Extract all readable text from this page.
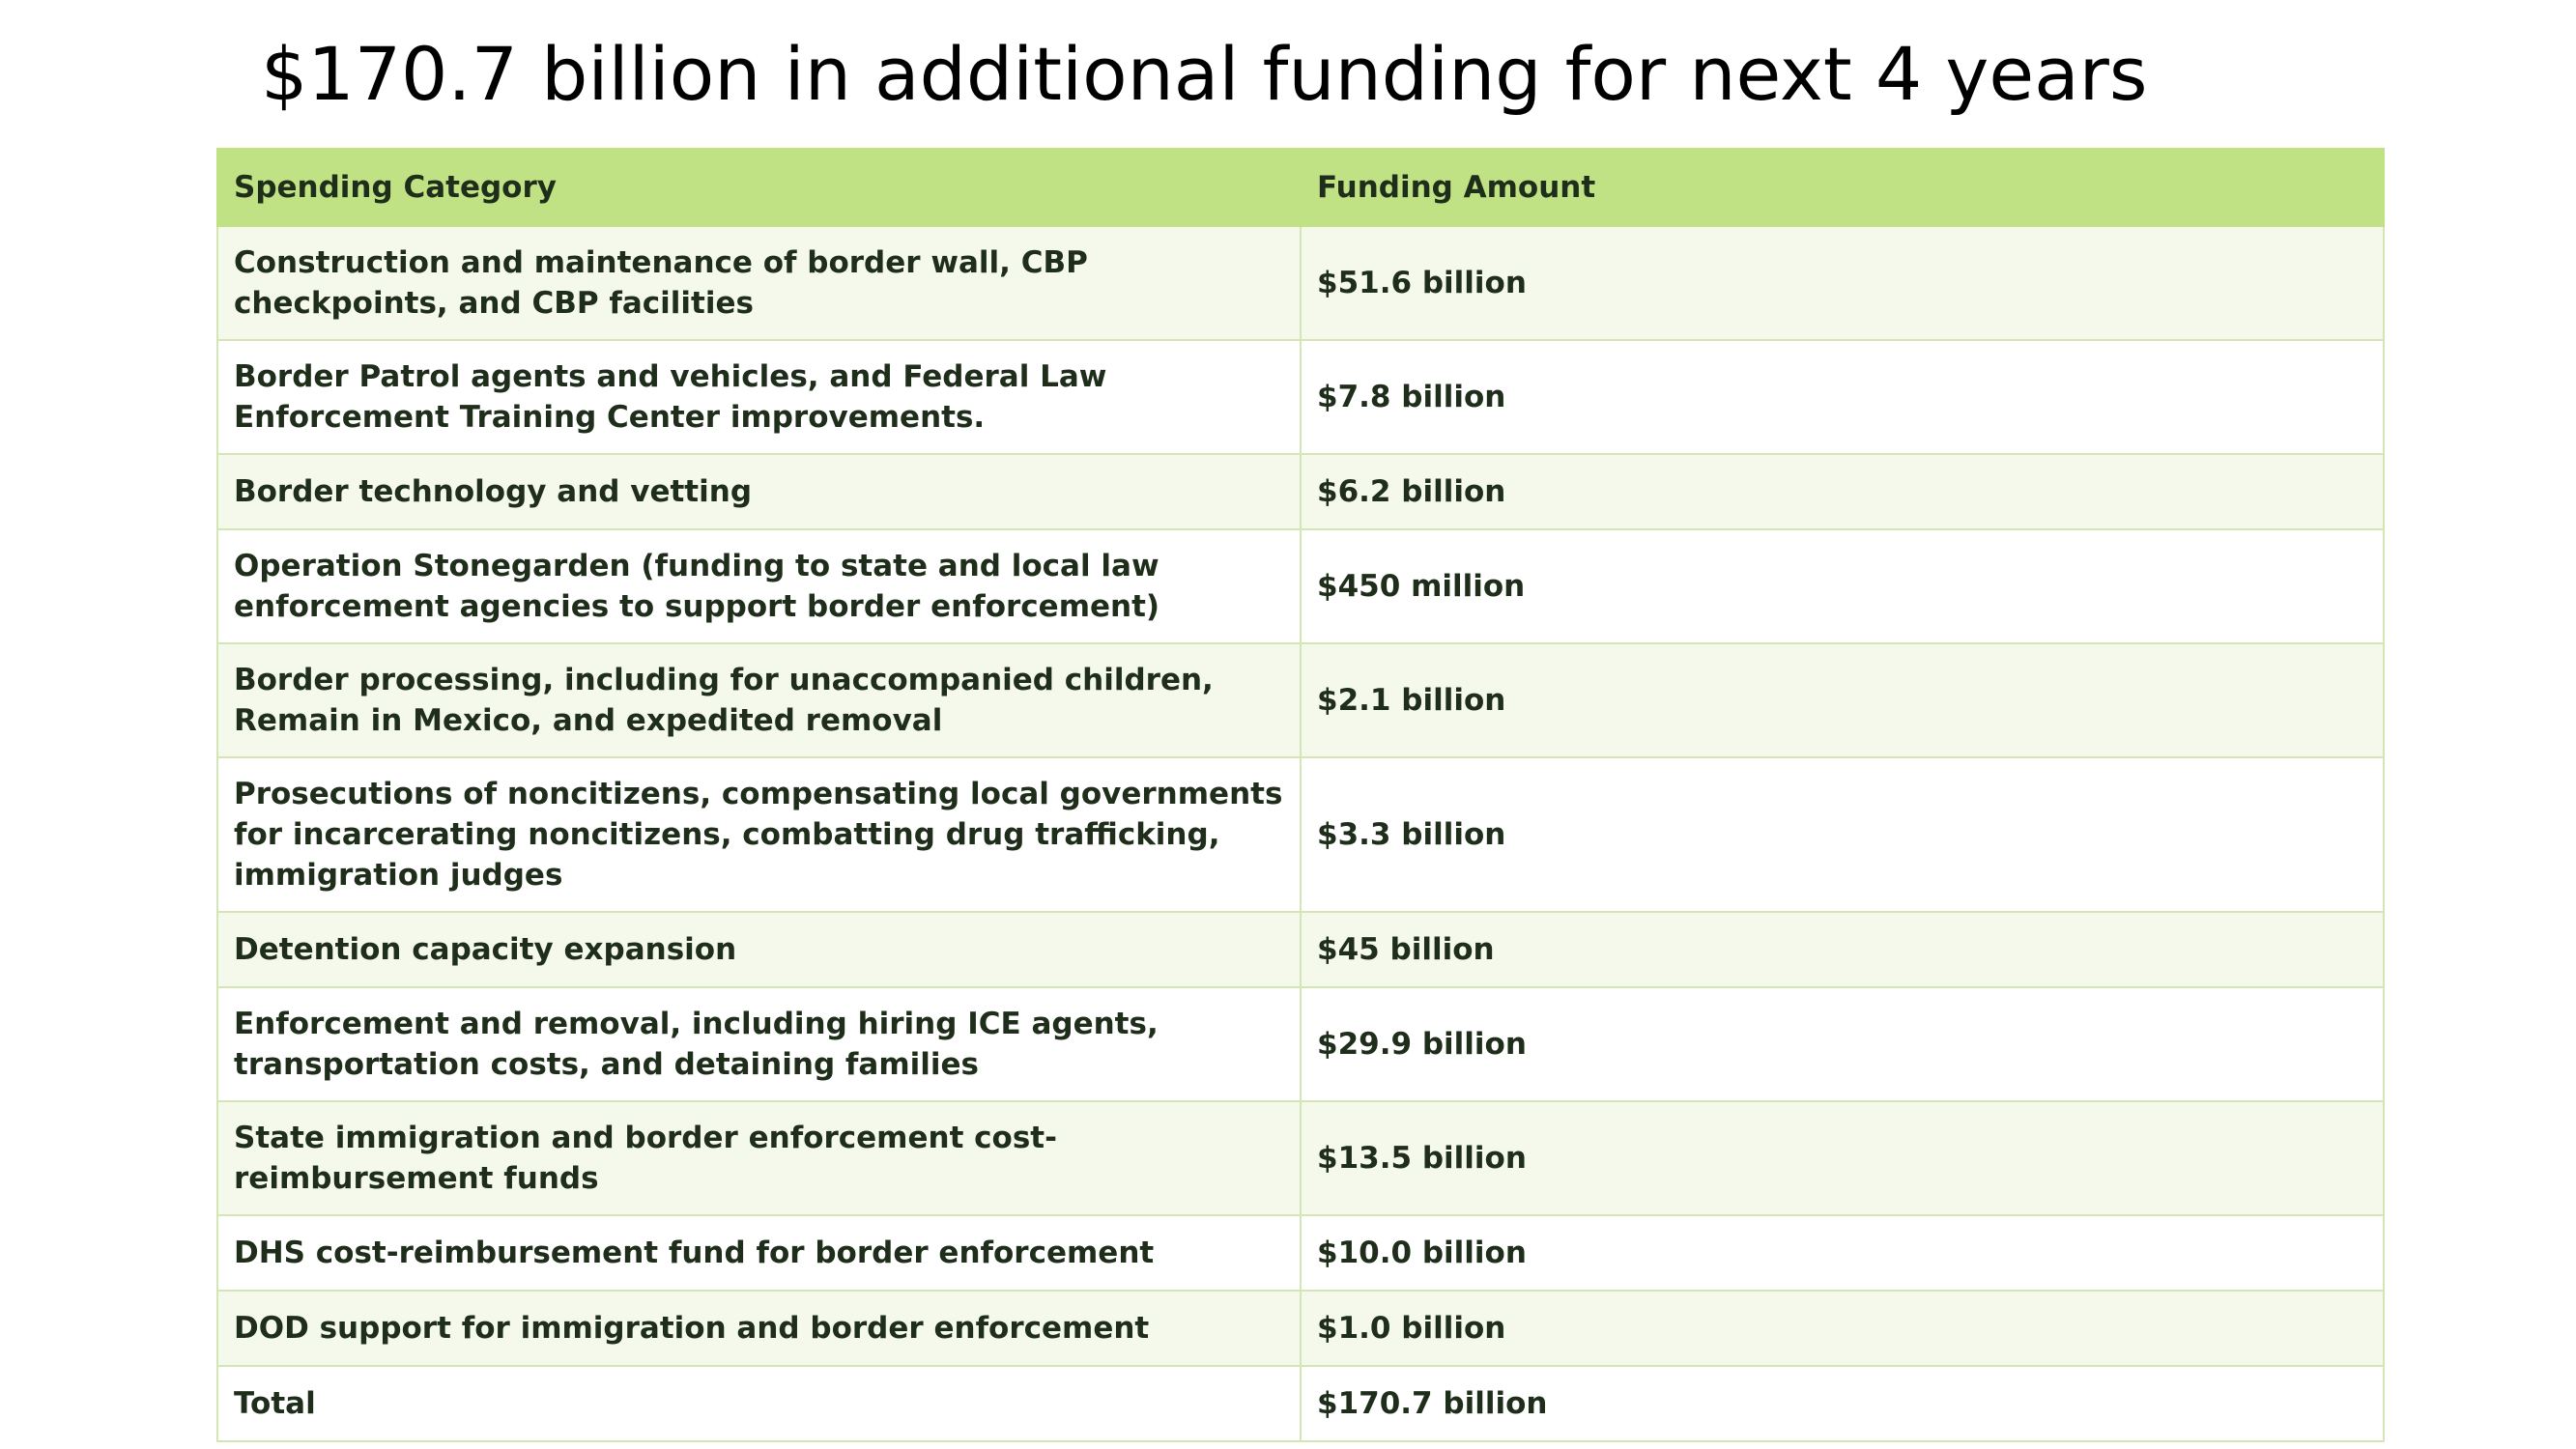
$170.7 billion in additional funding for next 4 years
Spending Category	Funding Amount
Construction and maintenance of border wall, CBP checkpoints, and CBP facilities	$51.6 billion
Border Patrol agents and vehicles, and Federal Law Enforcement Training Center improvements.	$7.8 billion
Border technology and vetting	$6.2 billion
Operation Stonegarden (funding to state and local law enforcement agencies to support border enforcement)	$450 million
Border processing, including for unaccompanied children, Remain in Mexico, and expedited removal	$2.1 billion
Prosecutions of noncitizens, compensating local governments for incarcerating noncitizens, combatting drug trafficking, immigration judges	$3.3 billion
Detention capacity expansion	$45 billion
Enforcement and removal, including hiring ICE agents, transportation costs, and detaining families	$29.9 billion
State immigration and border enforcement cost-reimbursement funds	$13.5 billion
DHS cost-reimbursement fund for border enforcement	$10.0 billion
DOD support for immigration and border enforcement	$1.0 billion
Total	$170.7 billion
